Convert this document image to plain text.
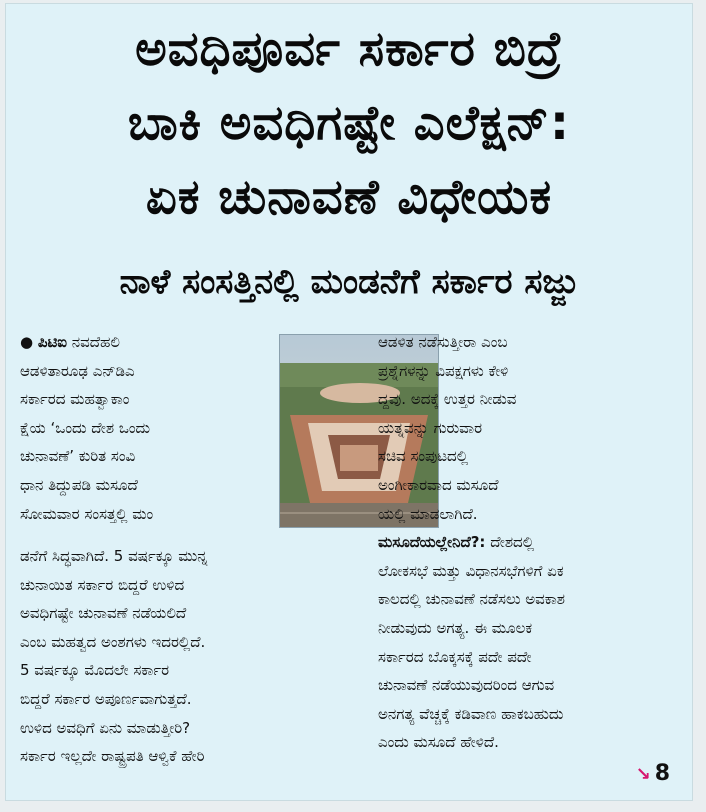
ಅವಧಿಪೂರ್ವ ಸರ್ಕಾರ ಬಿದ್ರೆ
ಬಾಕಿ ಅವಧಿಗಷ್ಟೇ ಎಲೆಕ್ಷನ್:
ಏಕ ಚುನಾವಣೆ ವಿಧೇಯಕ
ನಾಳೆ ಸಂಸತ್ತಿನಲ್ಲಿ ಮಂಡನೆಗೆ ಸರ್ಕಾರ ಸಜ್ಜು
● ಪಿಟಿಐ ನವದೆಹಲಿ
ಆಡಳಿತಾರೂಢ ಎನ್‌ಡಿಎ
ಸರ್ಕಾರದ ಮಹತ್ವಾಕಾಂ
ಕ್ಷೆಯ ‘ಒಂದು ದೇಶ ಒಂದು
ಚುನಾವಣೆ’ ಕುರಿತ ಸಂವಿ
ಧಾನ ತಿದ್ದುಪಡಿ ಮಸೂದೆ
ಸೋಮವಾರ ಸಂಸತ್ತಲ್ಲಿ ಮಂ
ಡನೆಗೆ ಸಿದ್ಧವಾಗಿದೆ. 5 ವರ್ಷಕ್ಕೂ ಮುನ್ನ
ಚುನಾಯಿತ ಸರ್ಕಾರ ಬಿದ್ದರೆ ಉಳಿದ
ಅವಧಿಗಷ್ಟೇ ಚುನಾವಣೆ ನಡೆಯಲಿದೆ
ಎಂಬ ಮಹತ್ವದ ಅಂಶಗಳು ಇದರಲ್ಲಿದೆ.
5 ವರ್ಷಕ್ಕೂ ಮೊದಲೇ ಸರ್ಕಾರ
ಬಿದ್ದರೆ ಸರ್ಕಾರ ಅಪೂರ್ಣವಾಗುತ್ತದೆ.
ಉಳಿದ ಅವಧಿಗೆ ಏನು ಮಾಡುತ್ತೀರಿ?
ಸರ್ಕಾರ ಇಲ್ಲದೇ ರಾಷ್ಟ್ರಪತಿ ಆಳ್ವಿಕೆ ಹೇರಿ
ಆಡಳಿತ ನಡೆಸುತ್ತೀರಾ ಎಂಬ
ಪ್ರಶ್ನೆಗಳನ್ನು ವಿಪಕ್ಷಗಳು ಕೇಳಿ
ದ್ದವು. ಅದಕ್ಕೆ ಉತ್ತರ ನೀಡುವ
ಯತ್ನವನ್ನು ಗುರುವಾರ
ಸಚಿವ ಸಂಪುಟದಲ್ಲಿ
ಅಂಗೀಕಾರವಾದ ಮಸೂದೆ
ಯಲ್ಲಿ ಮಾಡಲಾಗಿದೆ.
ಮಸೂದೆಯಲ್ಲೇನಿದೆ?: ದೇಶದಲ್ಲಿ
ಲೋಕಸಭೆ ಮತ್ತು ವಿಧಾನಸಭೆಗಳಿಗೆ ಏಕ
ಕಾಲದಲ್ಲಿ ಚುನಾವಣೆ ನಡೆಸಲು ಅವಕಾಶ
ನೀಡುವುದು ಅಗತ್ಯ. ಈ ಮೂಲಕ
ಸರ್ಕಾರದ ಬೊಕ್ಕಸಕ್ಕೆ ಪದೇ ಪದೇ
ಚುನಾವಣೆ ನಡೆಯುವುದರಿಂದ ಆಗುವ
ಅನಗತ್ಯ ವೆಚ್ಚಕ್ಕೆ ಕಡಿವಾಣ ಹಾಕಬಹುದು
ಎಂದು ಮಸೂದೆ ಹೇಳಿದೆ.
↘ 8
